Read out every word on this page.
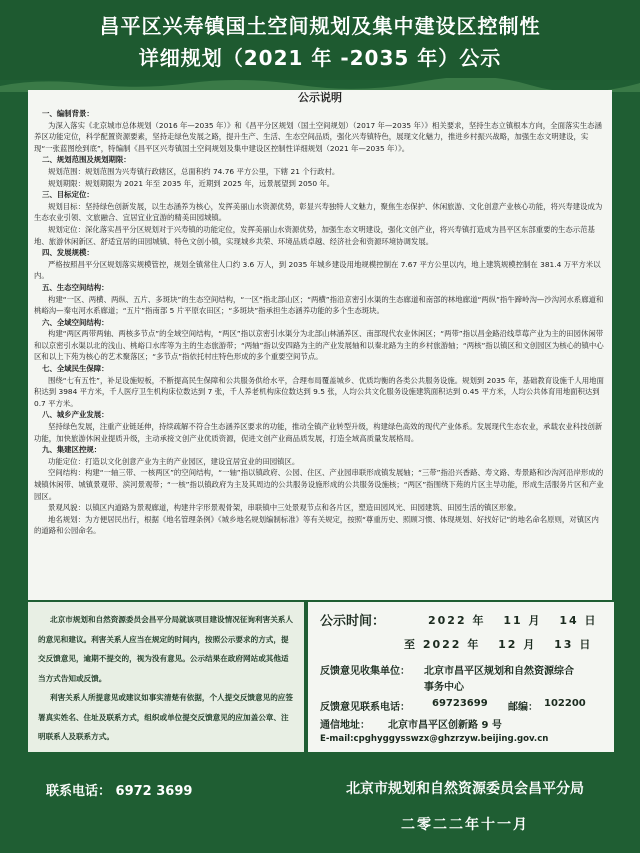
昌平区兴寿镇国土空间规划及集中建设区控制性
详细规划（2021 年 -2035 年）公示
公示说明
一、编制背景：
为深入落实《北京城市总体规划（2016 年—2035 年）》和《昌平分区规划（国土空间规划）（2017 年—2035 年）》相关要求，坚持生态立镇根本方向，全面落实生态涵养区功能定位，科学配置资源要素，坚持走绿色发展之路，提升生产、生活、生态空间品质，强化兴寿镇特色，展现文化魅力，推进乡村振兴战略，加强生态文明建设，实现“一张蓝图绘到底”，特编制《昌平区兴寿镇国土空间规划及集中建设区控制性详细规划（2021 年—2035 年）》。
二、规划范围及规划期限：
规划范围：规划范围为兴寿镇行政辖区，总面积约 74.76 平方公里，下辖 21 个行政村。
规划期限：规划期限为 2021 年至 2035 年，近期到 2025 年，远景展望到 2050 年。
三、目标定位：
规划目标：坚持绿色创新发展，以生态涵养为核心，发挥美丽山水资源优势，彰显兴寿独特人文魅力，聚焦生态保护、休闲旅游、文化创意产业核心功能，将兴寿建设成为生态农业引领、文旅融合、宜居宜业宜游的精美田园城镇。
规划定位：深化落实昌平分区规划对于兴寿镇的功能定位，发挥美丽山水资源优势，加强生态文明建设，强化文创产业，将兴寿镇打造成为昌平区东部重要的生态示范基地、旅游休闲新区、舒适宜居的田园城镇、特色文创小镇，实现城乡共荣、环境品质卓越、经济社会和资源环境协调发展。
四、发展规模：
严格按照昌平分区规划落实规模管控，规划全镇常住人口约 3.6 万人，到 2035 年城乡建设用地规模控制在 7.67 平方公里以内，地上建筑规模控制在 381.4 万平方米以内。
五、生态空间结构：
构建“一区、两横、两纵、五片、多斑块”的生态空间结构，“一区”指北部山区；“两横”指沿京密引水渠的生态廊道和南部的林地廊道“两纵”指牛蹄岭沟—沙沟河水系廊道和桃峪沟—秦屯河水系廊道；“五片”指南部 5 片平原农田区；“多斑块”指承担生态涵养功能的多个生态斑块。
六、全域空间结构：
构建“两区两带两轴、两核多节点”的全域空间结构，“两区”指以京密引水渠分为北部山林涵养区、南部现代农业休闲区；“两带”指以昌金路沿线草莓产业为主的田园休闲带和以京密引水渠以北的浅山、桃峪口水库等为主的生态旅游带；“两轴”指以安四路为主的产业发展轴和以秦北路为主的乡村旅游轴；“两核”指以镇区和文创园区为核心的镇中心区和以上下苑为核心的艺术聚落区；“多节点”指依托村庄特色形成的多个重要空间节点。
七、全域民生保障：
围绕“七有五性”，补足设施短板，不断提高民生保障和公共服务供给水平，合理布局覆盖城乡、优质均衡的各类公共服务设施。规划到 2035 年，基础教育设施千人用地面积达到 3984 平方米，千人医疗卫生机构床位数达到 7 张，千人养老机构床位数达到 9.5 张，人均公共文化服务设施建筑面积达到 0.45 平方米，人均公共体育用地面积达到 0.7 平方米。
八、城乡产业发展：
坚持绿色发展，注重产业链延伸，持续疏解不符合生态涵养区要求的功能，推动全镇产业转型升级，构建绿色高效的现代产业体系。发展现代生态农业，承载农业科技创新功能，加快旅游休闲业提质升级，主动承接文创产业优质资源，促进文创产业商品质发展，打造全域高质量发展格局。
九、集建区控规：
功能定位：打造以文化创意产业为主的产业园区，建设宜居宜业的田园镇区。
空间结构：构建“一轴三带、一核两区”的空间结构，“一轴”指以镇政府、公园、住区、产业园串联形成镇发展轴；“三带”指沿兴香路、寿文路、寿景路和沙沟河沿岸形成的城镇休闲带、城镇景观带、滨河景观带；“一核”指以镇政府为主及其周边的公共服务设施形成的公共服务设施核；“两区”指围绕下苑的片区主导功能，形成生活服务片区和产业园区。
景观风貌：以镇区内道路为景观廊道，构建井字形景观骨架，串联镇中三处景观节点和各片区，塑造田园风光、田园建筑、田园生活的镇区形象。
地名规划：为方便居民出行，根据《地名管理条例》《城乡地名规划编制标准》等有关规定，按照“尊重历史、照顾习惯、体现规划、好找好记”的地名命名原则，对镇区内的道路和公园命名。

北京市规划和自然资源委员会昌平分局就该项目建设情况征询利害关系人的意见和建议。利害关系人应当在规定的时间内，按照公示要求的方式，提交反馈意见，逾期不提交的，视为没有意见。公示结果在政府网站或其他适当方式告知或反馈。

利害关系人所提意见或建议如事实清楚有依据，个人提交反馈意见的应签署真实姓名、住址及联系方式，组织或单位提交反馈意见的应加盖公章、注明联系人及联系方式。

公示时间：	2022 年 11 月 14 日
至 2022 年 12 月 13 日
反馈意见收集单位： 北京市昌平区规划和自然资源综合
事务中心
反馈意见联系电话： 69723699 邮编： 102200
通信地址： 北京市昌平区创新路 9 号
E-mail:cpghyggysswzx@ghzrzyw.beijing.gov.cn
联系电话： 6972 3699	北京市规划和自然资源委员会昌平分局
二零二二年十一月
